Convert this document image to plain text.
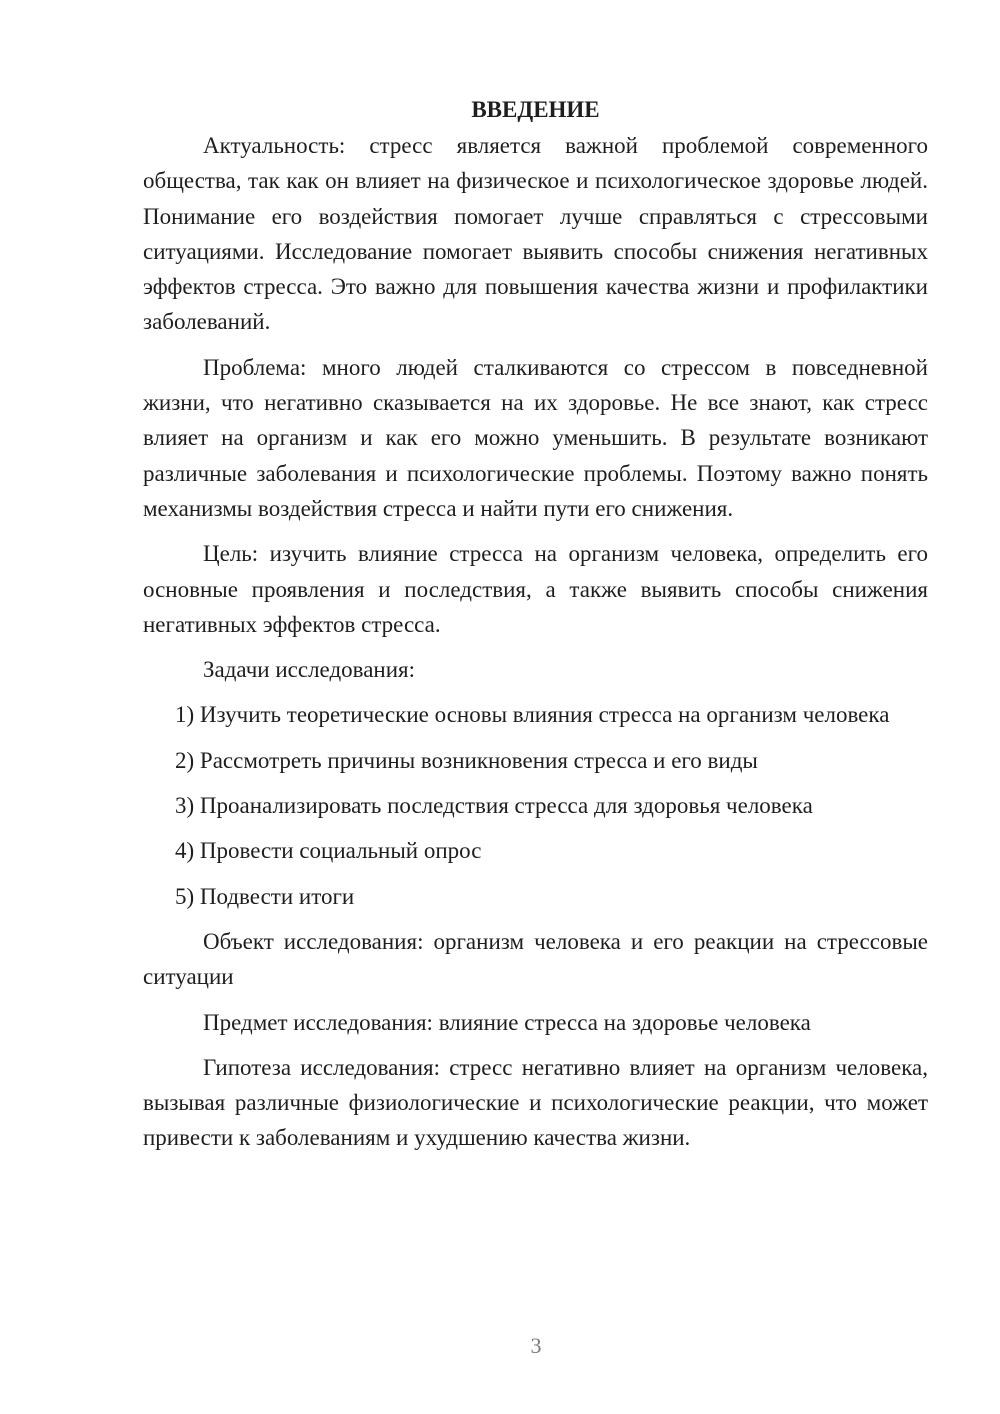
ВВЕДЕНИЕ

Актуальность: стресс является важной проблемой современного общества, так как он влияет на физическое и психологическое здоровье людей. Понимание его воздействия помогает лучше справляться с стрессовыми ситуациями. Исследование помогает выявить способы снижения негативных эффектов стресса. Это важно для повышения качества жизни и профилактики заболеваний.

Проблема: много людей сталкиваются со стрессом в повседневной жизни, что негативно сказывается на их здоровье. Не все знают, как стресс влияет на организм и как его можно уменьшить. В результате возникают различные заболевания и психологические проблемы. Поэтому важно понять механизмы воздействия стресса и найти пути его снижения.

Цель: изучить влияние стресса на организм человека, определить его основные проявления и последствия, а также выявить способы снижения негативных эффектов стресса.

Задачи исследования:

1) Изучить теоретические основы влияния стресса на организм человека

2) Рассмотреть причины возникновения стресса и его виды

3) Проанализировать последствия стресса для здоровья человека

4) Провести социальный опрос

5) Подвести итоги

Объект исследования: организм человека и его реакции на стрессовые ситуации

Предмет исследования: влияние стресса на здоровье человека

Гипотеза исследования: стресс негативно влияет на организм человека, вызывая различные физиологические и психологические реакции, что может привести к заболеваниям и ухудшению качества жизни.

3
